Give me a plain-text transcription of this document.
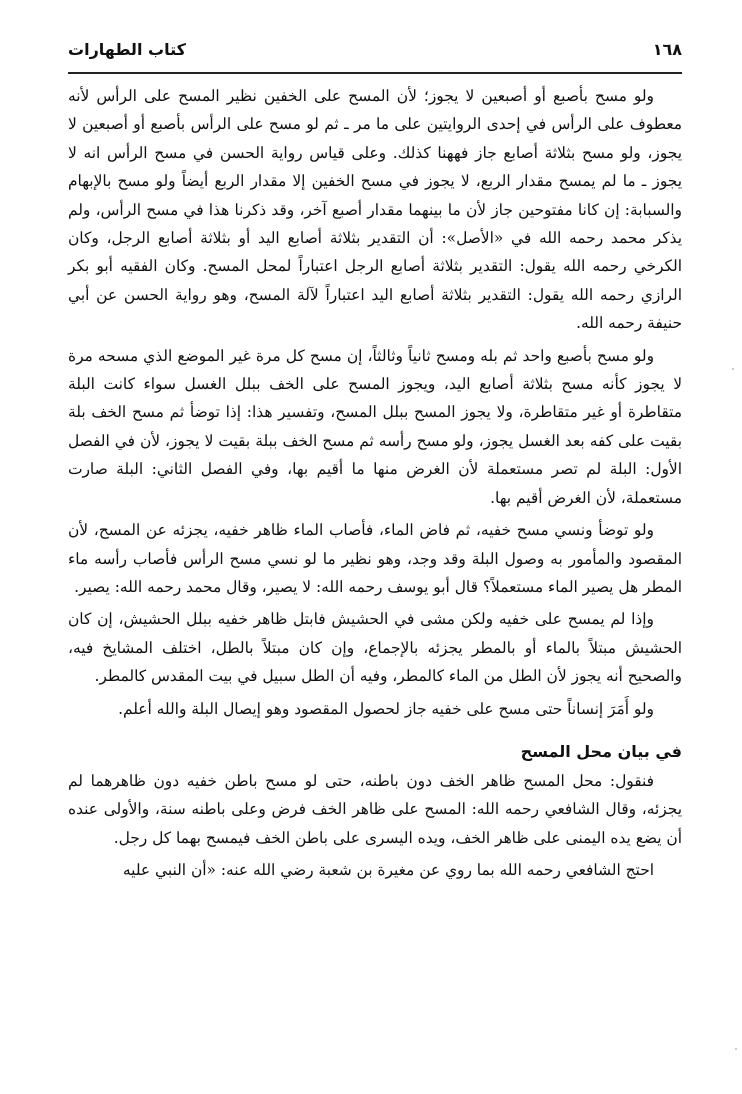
١٦٨
كتاب الطهارات

ولو مسح بأصبع أو أصبعين لا يجوز؛ لأن المسح على الخفين نظير المسح على الرأس لأنه معطوف على الرأس في إحدى الروايتين على ما مر ـ ثم لو مسح على الرأس بأصبع أو أصبعين لا يجوز، ولو مسح بثلاثة أصابع جاز فههنا كذلك. وعلى قياس رواية الحسن في مسح الرأس انه لا يجوز ـ ما لم يمسح مقدار الربع، لا يجوز في مسح الخفين إلا مقدار الربع أيضاً ولو مسح بالإبهام والسبابة: إن كانا مفتوحين جاز لأن ما بينهما مقدار أصبع آخر، وقد ذكرنا هذا في مسح الرأس، ولم يذكر محمد رحمه الله في «الأصل»: أن التقدير بثلاثة أصابع اليد أو بثلاثة أصابع الرجل، وكان الكرخي رحمه الله يقول: التقدير بثلاثة أصابع الرجل اعتباراً لمحل المسح. وكان الفقيه أبو بكر الرازي رحمه الله يقول: التقدير بثلاثة أصابع اليد اعتباراً لآلة المسح، وهو رواية الحسن عن أبي حنيفة رحمه الله.

ولو مسح بأصبع واحد ثم بله ومسح ثانياً وثالثاً، إن مسح كل مرة غير الموضع الذي مسحه مرة لا يجوز كأنه مسح بثلاثة أصابع اليد، ويجوز المسح على الخف ببلل الغسل سواء كانت البلة متقاطرة أو غير متقاطرة، ولا يجوز المسح ببلل المسح، وتفسير هذا: إذا توضأ ثم مسح الخف بلة بقيت على كفه بعد الغسل يجوز، ولو مسح رأسه ثم مسح الخف ببلة بقيت لا يجوز، لأن في الفصل الأول: البلة لم تصر مستعملة لأن الغرض منها ما أقيم بها، وفي الفصل الثاني: البلة صارت مستعملة، لأن الغرض أقيم بها.

ولو توضأ ونسي مسح خفيه، ثم فاض الماء، فأصاب الماء ظاهر خفيه، يجزئه عن المسح، لأن المقصود والمأمور به وصول البلة وقد وجد، وهو نظير ما لو نسي مسح الرأس فأصاب رأسه ماء المطر هل يصير الماء مستعملاً؟ قال أبو يوسف رحمه الله: لا يصير، وقال محمد رحمه الله: يصير.

وإذا لم يمسح على خفيه ولكن مشى في الحشيش فابتل ظاهر خفيه ببلل الحشيش، إن كان الحشيش مبتلاً بالماء أو بالمطر يجزئه بالإجماع، وإن كان مبتلاً بالطل، اختلف المشايخ فيه، والصحيح أنه يجوز لأن الطل من الماء كالمطر، وفيه أن الطل سبيل في بيت المقدس كالمطر.

ولو أَمَرَ إنساناً حتى مسح على خفيه جاز لحصول المقصود وهو إيصال البلة والله أعلم.

في بيان محل المسح

فنقول: محل المسح ظاهر الخف دون باطنه، حتى لو مسح باطن خفيه دون ظاهرهما لم يجزئه، وقال الشافعي رحمه الله: المسح على ظاهر الخف فرض وعلى باطنه سنة، والأولى عنده أن يضع يده اليمنى على ظاهر الخف، ويده اليسرى على باطن الخف فيمسح بهما كل رجل.

احتج الشافعي رحمه الله بما روي عن مغيرة بن شعبة رضي الله عنه: «أن النبي عليه
